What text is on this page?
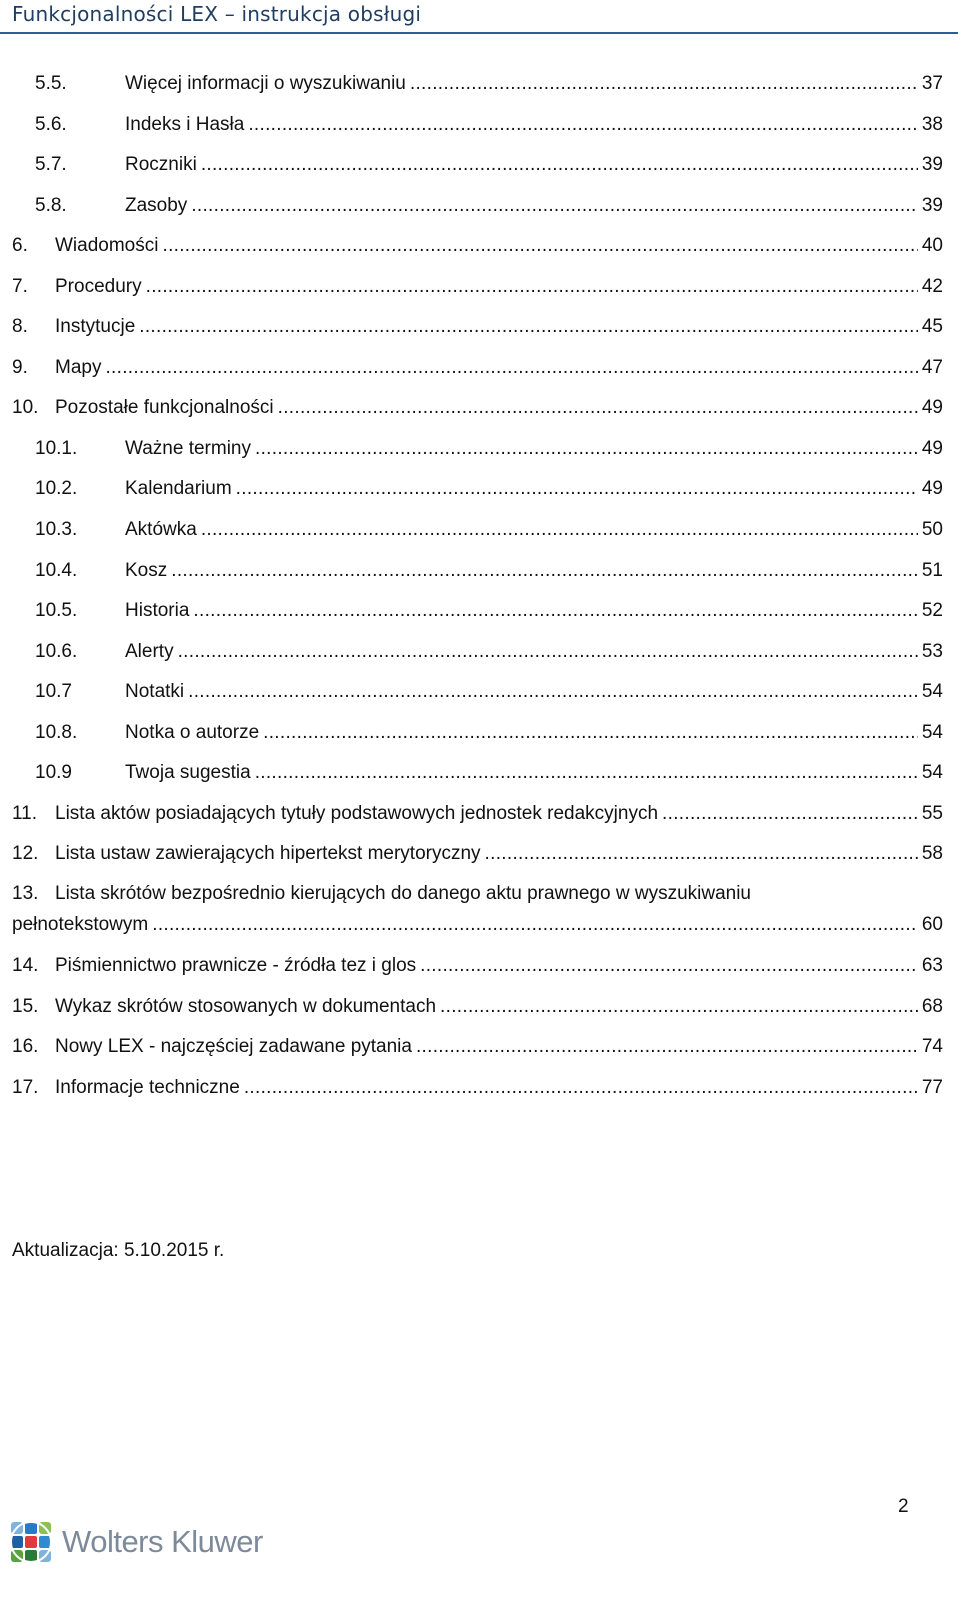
Funkcjonalności LEX – instrukcja obsługi
5.5.	Więcej informacji o wyszukiwaniu .....	37
5.6.	Indeks i Hasła .....	38
5.7.	Roczniki .....	39
5.8.	Zasoby .....	39
6.	Wiadomości .....	40
7.	Procedury .....	42
8.	Instytucje .....	45
9.	Mapy .....	47
10. Pozostałe funkcjonalności .....	49
10.1.	Ważne terminy .....	49
10.2.	Kalendarium .....	49
10.3.	Aktówka .....	50
10.4.	Kosz .....	51
10.5.	Historia .....	52
10.6.	Alerty .....	53
10.7	Notatki .....	54
10.8.	Notka o autorze .....	54
10.9	Twoja sugestia .....	54
11. Lista aktów posiadających tytuły podstawowych jednostek redakcyjnych .....	55
12. Lista ustaw zawierających hipertekst merytoryczny .....	58
13. Lista skrótów bezpośrednio kierujących do danego aktu prawnego w wyszukiwaniu
pełnotekstowym .....	60
14. Piśmiennictwo prawnicze - źródła tez i glos .....	63
15. Wykaz skrótów stosowanych w dokumentach .....	68
16. Nowy LEX - najczęściej zadawane pytania .....	74
17. Informacje techniczne .....	77
Aktualizacja: 5.10.2015 r.
2
Wolters Kluwer
